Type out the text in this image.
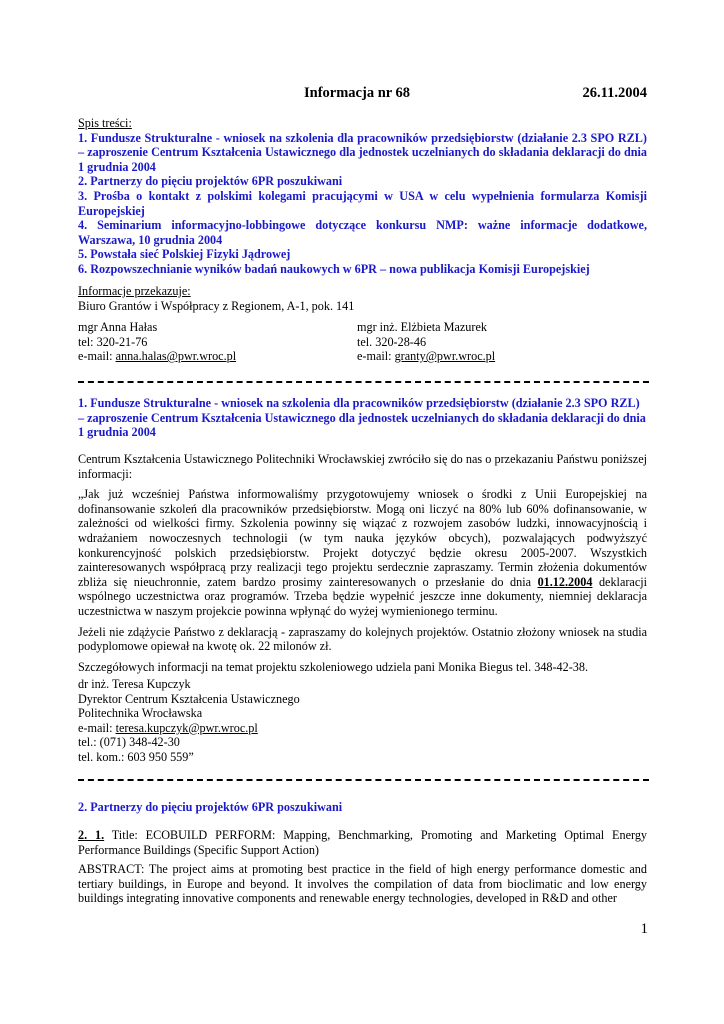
Informacja nr 68	26.11.2004
Spis treści:
1. Fundusze Strukturalne - wniosek na szkolenia dla pracowników przedsiębiorstw (działanie 2.3 SPO RZL) – zaproszenie Centrum Kształcenia Ustawicznego dla jednostek uczelnianych do składania deklaracji do dnia 1 grudnia 2004
2. Partnerzy do pięciu projektów 6PR poszukiwani
3. Prośba o kontakt z polskimi kolegami pracującymi w USA w celu wypełnienia formularza Komisji Europejskiej
4. Seminarium informacyjno-lobbingowe dotyczące konkursu NMP: ważne informacje dodatkowe, Warszawa, 10 grudnia 2004
5. Powstała sieć Polskiej Fizyki Jądrowej
6. Rozpowszechnianie wyników badań naukowych w 6PR – nowa publikacja Komisji Europejskiej
Informacje przekazuje:
Biuro Grantów i Współpracy z Regionem, A-1, pok. 141
mgr Anna Hałas
tel: 320-21-76
e-mail: anna.halas@pwr.wroc.pl
mgr inż. Elżbieta Mazurek
tel. 320-28-46
e-mail: granty@pwr.wroc.pl
1. Fundusze Strukturalne - wniosek na szkolenia dla pracowników przedsiębiorstw (działanie 2.3 SPO RZL) – zaproszenie Centrum Kształcenia Ustawicznego dla jednostek uczelnianych do składania deklaracji do dnia 1 grudnia 2004

Centrum Kształcenia Ustawicznego Politechniki Wrocławskiej zwróciło się do nas o przekazaniu Państwu poniższej informacji:

„Jak już wcześniej Państwa informowaliśmy przygotowujemy wniosek o środki z Unii Europejskiej na dofinansowanie szkoleń dla pracowników przedsiębiorstw. Mogą oni liczyć na 80% lub 60% dofinansowanie, w zależności od wielkości firmy. Szkolenia powinny się wiązać z rozwojem zasobów ludzki, innowacyjnością i wdrażaniem nowoczesnych technologii (w tym nauka języków obcych), pozwalających podwyższyć konkurencyjność polskich przedsiębiorstw. Projekt dotyczyć będzie okresu 2005-2007. Wszystkich zainteresowanych współpracą przy realizacji tego projektu serdecznie zapraszamy. Termin złożenia dokumentów zbliża się nieuchronnie, zatem bardzo prosimy zainteresowanych o przesłanie do dnia 01.12.2004 deklaracji wspólnego uczestnictwa oraz programów. Trzeba będzie wypełnić jeszcze inne dokumenty, niemniej deklaracja uczestnictwa w naszym projekcie powinna wpłynąć do wyżej wymienionego terminu.

Jeżeli nie zdążycie Państwo z deklaracją - zapraszamy do kolejnych projektów. Ostatnio złożony wniosek na studia podyplomowe opiewał na kwotę ok. 22 milonów zł.

Szczegółowych informacji na temat projektu szkoleniowego udziela pani Monika Biegus tel. 348-42-38.

dr inż. Teresa Kupczyk
Dyrektor Centrum Kształcenia Ustawicznego
Politechnika Wrocławska
e-mail: teresa.kupczyk@pwr.wroc.pl
tel.: (071) 348-42-30
tel. kom.: 603 950 559”
2. Partnerzy do pięciu projektów 6PR poszukiwani

2. 1. Title: ECOBUILD PERFORM: Mapping, Benchmarking, Promoting and Marketing Optimal Energy Performance Buildings (Specific Support Action)

ABSTRACT: The project aims at promoting best practice in the field of high energy performance domestic and tertiary buildings, in Europe and beyond. It involves the compilation of data from bioclimatic and low energy buildings integrating innovative components and renewable energy technologies, developed in R&D and other

1
